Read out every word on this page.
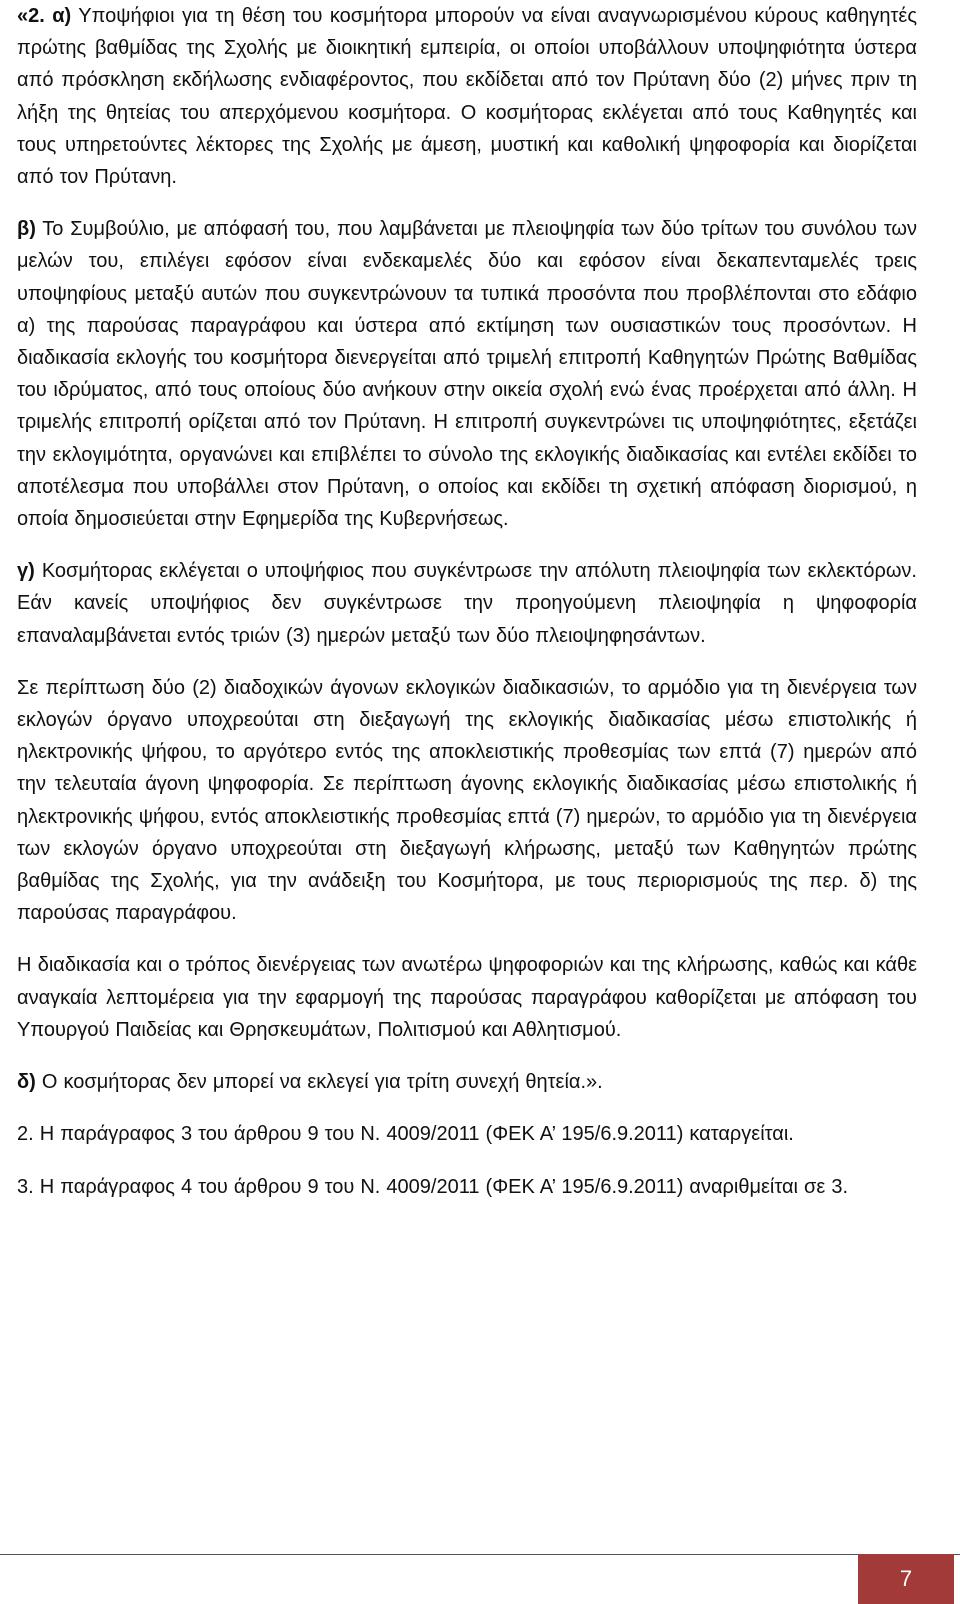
«2. α) Υποψήφιοι για τη θέση του κοσμήτορα μπορούν να είναι αναγνωρισμένου κύρους καθηγητές πρώτης βαθμίδας της Σχολής με διοικητική εμπειρία, οι οποίοι υποβάλλουν υποψηφιότητα ύστερα από πρόσκληση εκδήλωσης ενδιαφέροντος, που εκδίδεται από τον Πρύτανη δύο (2) μήνες πριν τη λήξη της θητείας του απερχόμενου κοσμήτορα. Ο κοσμήτορας εκλέγεται από τους Καθηγητές και τους υπηρετούντες λέκτορες της Σχολής με άμεση, μυστική και καθολική ψηφοφορία και διορίζεται από τον Πρύτανη.

β) Το Συμβούλιο, με απόφασή του, που λαμβάνεται με πλειοψηφία των δύο τρίτων του συνόλου των μελών του, επιλέγει εφόσον είναι ενδεκαμελές δύο και εφόσον είναι δεκαπενταμελές τρεις υποψηφίους μεταξύ αυτών που συγκεντρώνουν τα τυπικά προσόντα που προβλέπονται στο εδάφιο α) της παρούσας παραγράφου και ύστερα από εκτίμηση των ουσιαστικών τους προσόντων. Η διαδικασία εκλογής του κοσμήτορα διενεργείται από τριμελή επιτροπή Καθηγητών Πρώτης Βαθμίδας του ιδρύματος, από τους οποίους δύο ανήκουν στην οικεία σχολή ενώ ένας προέρχεται από άλλη. Η τριμελής επιτροπή ορίζεται από τον Πρύτανη. Η επιτροπή συγκεντρώνει τις υποψηφιότητες, εξετάζει την εκλογιμότητα, οργανώνει και επιβλέπει το σύνολο της εκλογικής διαδικασίας και εντέλει εκδίδει το αποτέλεσμα που υποβάλλει στον Πρύτανη, ο οποίος και εκδίδει τη σχετική απόφαση διορισμού, η οποία δημοσιεύεται στην Εφημερίδα της Κυβερνήσεως.

γ) Κοσμήτορας εκλέγεται ο υποψήφιος που συγκέντρωσε την απόλυτη πλειοψηφία των εκλεκτόρων. Εάν κανείς υποψήφιος δεν συγκέντρωσε την προηγούμενη πλειοψηφία η ψηφοφορία επαναλαμβάνεται εντός τριών (3) ημερών μεταξύ των δύο πλειοψηφησάντων.

Σε περίπτωση δύο (2) διαδοχικών άγονων εκλογικών διαδικασιών, το αρμόδιο για τη διενέργεια των εκλογών όργανο υποχρεούται στη διεξαγωγή της εκλογικής διαδικασίας μέσω επιστολικής ή ηλεκτρονικής ψήφου, το αργότερο εντός της αποκλειστικής προθεσμίας των επτά (7) ημερών από την τελευταία άγονη ψηφοφορία. Σε περίπτωση άγονης εκλογικής διαδικασίας μέσω επιστολικής ή ηλεκτρονικής ψήφου, εντός αποκλειστικής προθεσμίας επτά (7) ημερών, το αρμόδιο για τη διενέργεια των εκλογών όργανο υποχρεούται στη διεξαγωγή κλήρωσης, μεταξύ των Καθηγητών πρώτης βαθμίδας της Σχολής, για την ανάδειξη του Κοσμήτορα, με τους περιορισμούς της περ. δ) της παρούσας παραγράφου.

Η διαδικασία και ο τρόπος διενέργειας των ανωτέρω ψηφοφοριών και της κλήρωσης, καθώς και κάθε αναγκαία λεπτομέρεια για την εφαρμογή της παρούσας παραγράφου καθορίζεται με απόφαση του Υπουργού Παιδείας και Θρησκευμάτων, Πολιτισμού και Αθλητισμού.

δ) Ο κοσμήτορας δεν μπορεί να εκλεγεί για τρίτη συνεχή θητεία.».

2. Η παράγραφος 3 του άρθρου 9 του Ν. 4009/2011 (ΦΕΚ Α’ 195/6.9.2011) καταργείται.

3. Η παράγραφος 4 του άρθρου 9 του Ν. 4009/2011 (ΦΕΚ Α’ 195/6.9.2011) αναριθμείται σε 3.

7
